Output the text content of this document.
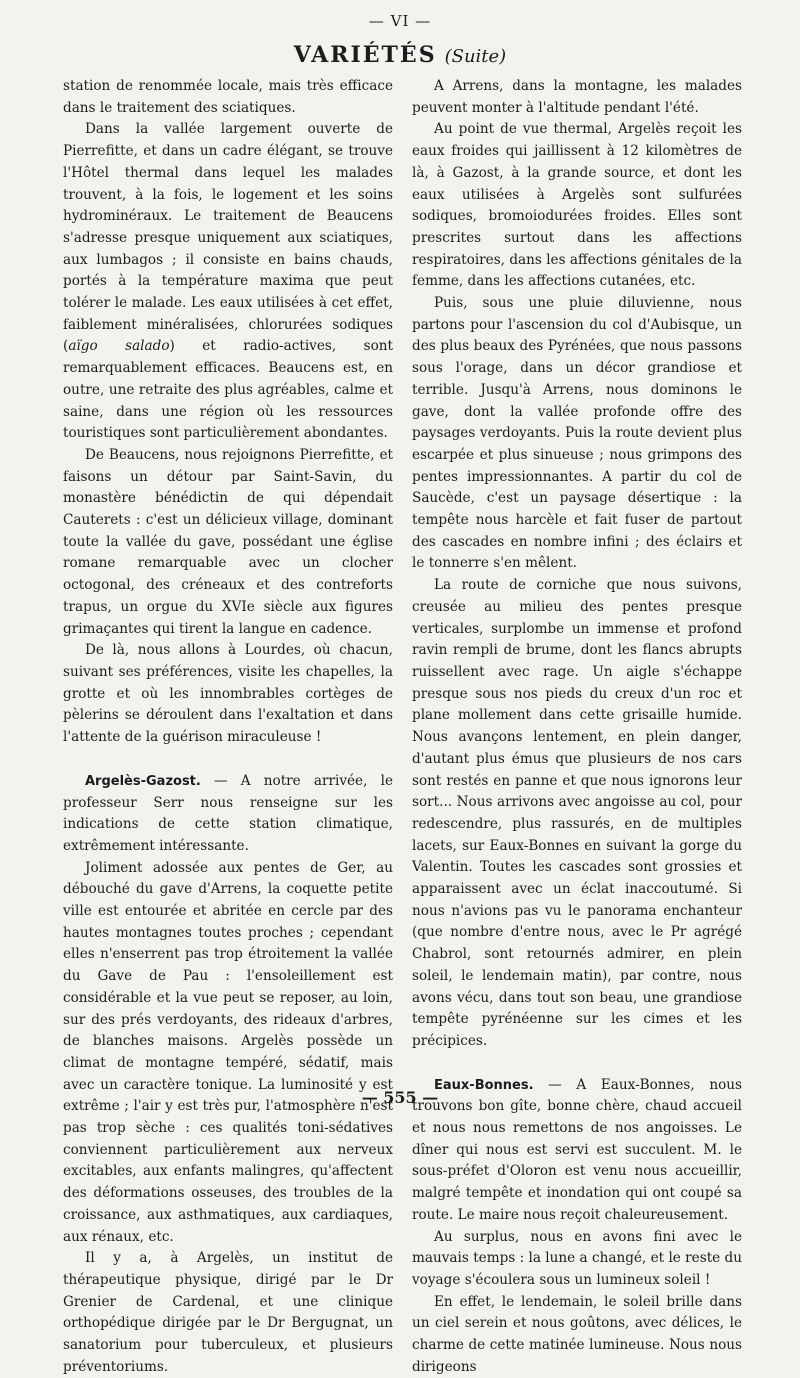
— VI —
VARIÉTÉS (Suite)

station de renommée locale, mais très efficace dans le traitement des sciatiques.

Dans la vallée largement ouverte de Pierrefitte, et dans un cadre élégant, se trouve l'Hôtel thermal dans lequel les malades trouvent, à la fois, le logement et les soins hydrominéraux. Le traitement de Beaucens s'adresse presque uniquement aux sciatiques, aux lumbagos ; il consiste en bains chauds, portés à la température maxima que peut tolérer le malade. Les eaux utilisées à cet effet, faiblement minéralisées, chlorurées sodiques (aïgo salado) et radio-actives, sont remarquablement efficaces. Beaucens est, en outre, une retraite des plus agréables, calme et saine, dans une région où les ressources touristiques sont particulièrement abondantes.

De Beaucens, nous rejoignons Pierrefitte, et faisons un détour par Saint-Savin, du monastère bénédictin de qui dépendait Cauterets : c'est un délicieux village, dominant toute la vallée du gave, possédant une église romane remarquable avec un clocher octogonal, des créneaux et des contreforts trapus, un orgue du XVIe siècle aux figures grimaçantes qui tirent la langue en cadence.

De là, nous allons à Lourdes, où chacun, suivant ses préférences, visite les chapelles, la grotte et où les innombrables cortèges de pèlerins se déroulent dans l'exaltation et dans l'attente de la guérison miraculeuse !

Argelès-Gazost. — A notre arrivée, le professeur Serr nous renseigne sur les indications de cette station climatique, extrêmement intéressante.

Joliment adossée aux pentes de Ger, au débouché du gave d'Arrens, la coquette petite ville est entourée et abritée en cercle par des hautes montagnes toutes proches ; cependant elles n'enserrent pas trop étroitement la vallée du Gave de Pau : l'ensoleillement est considérable et la vue peut se reposer, au loin, sur des prés verdoyants, des rideaux d'arbres, de blanches maisons. Argelès possède un climat de montagne tempéré, sédatif, mais avec un caractère tonique. La luminosité y est extrême ; l'air y est très pur, l'atmosphère n'est pas trop sèche : ces qualités toni-sédatives conviennent particulièrement aux nerveux excitables, aux enfants malingres, qu'affectent des déformations osseuses, des troubles de la croissance, aux asthmatiques, aux cardiaques, aux rénaux, etc.

Il y a, à Argelès, un institut de thérapeutique physique, dirigé par le Dr Grenier de Cardenal, et une clinique orthopédique dirigée par le Dr Bergugnat, un sanatorium pour tuberculeux, et plusieurs préventoriums.

A Arrens, dans la montagne, les malades peuvent monter à l'altitude pendant l'été.

Au point de vue thermal, Argelès reçoit les eaux froides qui jaillissent à 12 kilomètres de là, à Gazost, à la grande source, et dont les eaux utilisées à Argelès sont sulfurées sodiques, bromoiodurées froides. Elles sont prescrites surtout dans les affections respiratoires, dans les affections génitales de la femme, dans les affections cutanées, etc.

Puis, sous une pluie diluvienne, nous partons pour l'ascension du col d'Aubisque, un des plus beaux des Pyrénées, que nous passons sous l'orage, dans un décor grandiose et terrible. Jusqu'à Arrens, nous dominons le gave, dont la vallée profonde offre des paysages verdoyants. Puis la route devient plus escarpée et plus sinueuse ; nous grimpons des pentes impressionnantes. A partir du col de Saucède, c'est un paysage désertique : la tempête nous harcèle et fait fuser de partout des cascades en nombre infini ; des éclairs et le tonnerre s'en mêlent.

La route de corniche que nous suivons, creusée au milieu des pentes presque verticales, surplombe un immense et profond ravin rempli de brume, dont les flancs abrupts ruissellent avec rage. Un aigle s'échappe presque sous nos pieds du creux d'un roc et plane mollement dans cette grisaille humide. Nous avançons lentement, en plein danger, d'autant plus émus que plusieurs de nos cars sont restés en panne et que nous ignorons leur sort... Nous arrivons avec angoisse au col, pour redescendre, plus rassurés, en de multiples lacets, sur Eaux-Bonnes en suivant la gorge du Valentin. Toutes les cascades sont grossies et apparaissent avec un éclat inaccoutumé. Si nous n'avions pas vu le panorama enchanteur (que nombre d'entre nous, avec le Pr agrégé Chabrol, sont retournés admirer, en plein soleil, le lendemain matin), par contre, nous avons vécu, dans tout son beau, une grandiose tempête pyrénéenne sur les cimes et les précipices.

Eaux-Bonnes. — A Eaux-Bonnes, nous trouvons bon gîte, bonne chère, chaud accueil et nous nous remettons de nos angoisses. Le dîner qui nous est servi est succulent. M. le sous-préfet d'Oloron est venu nous accueillir, malgré tempête et inondation qui ont coupé sa route. Le maire nous reçoit chaleureusement.

Au surplus, nous en avons fini avec le mauvais temps : la lune a changé, et le reste du voyage s'écoulera sous un lumineux soleil !

En effet, le lendemain, le soleil brille dans un ciel serein et nous goûtons, avec délices, le charme de cette matinée lumineuse. Nous nous dirigeons

— 555 —
